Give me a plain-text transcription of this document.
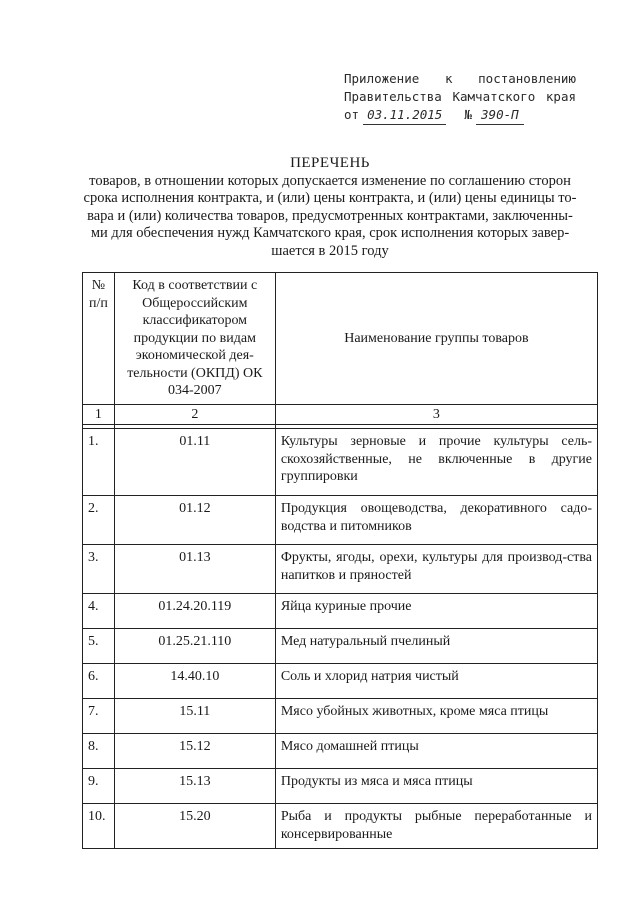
Приложение к постановлению
Правительства Камчатского края
от 03.11.2015	№ 390-П
ПЕРЕЧЕНЬ
товаров, в отношении которых допускается изменение по соглашению сторон
срока исполнения контракта, и (или) цены контракта, и (или) цены единицы то-
вара и (или) количества товаров, предусмотренных контрактами, заключенны-
ми для обеспечения нужд Камчатского края, срок исполнения которых завер-
шается в 2015 году
№ п/п	Код в соответствии с Общероссийским классификатором продукции по видам экономической дея-тельности (ОКПД) ОК 034-2007	Наименование группы товаров
1	2	3

1.	01.11	Культуры зерновые и прочие культуры сель-скохозяйственные, не включенные в другие группировки
2.	01.12	Продукция овощеводства, декоративного садо-водства и питомников
3.	01.13	Фрукты, ягоды, орехи, культуры для производ-ства напитков и пряностей
4.	01.24.20.119	Яйца куриные прочие
5.	01.25.21.110	Мед натуральный пчелиный
6.	14.40.10	Соль и хлорид натрия чистый
7.	15.11	Мясо убойных животных, кроме мяса птицы
8.	15.12	Мясо домашней птицы
9.	15.13	Продукты из мяса и мяса птицы
10.	15.20	Рыба и продукты рыбные переработанные и консервированные
